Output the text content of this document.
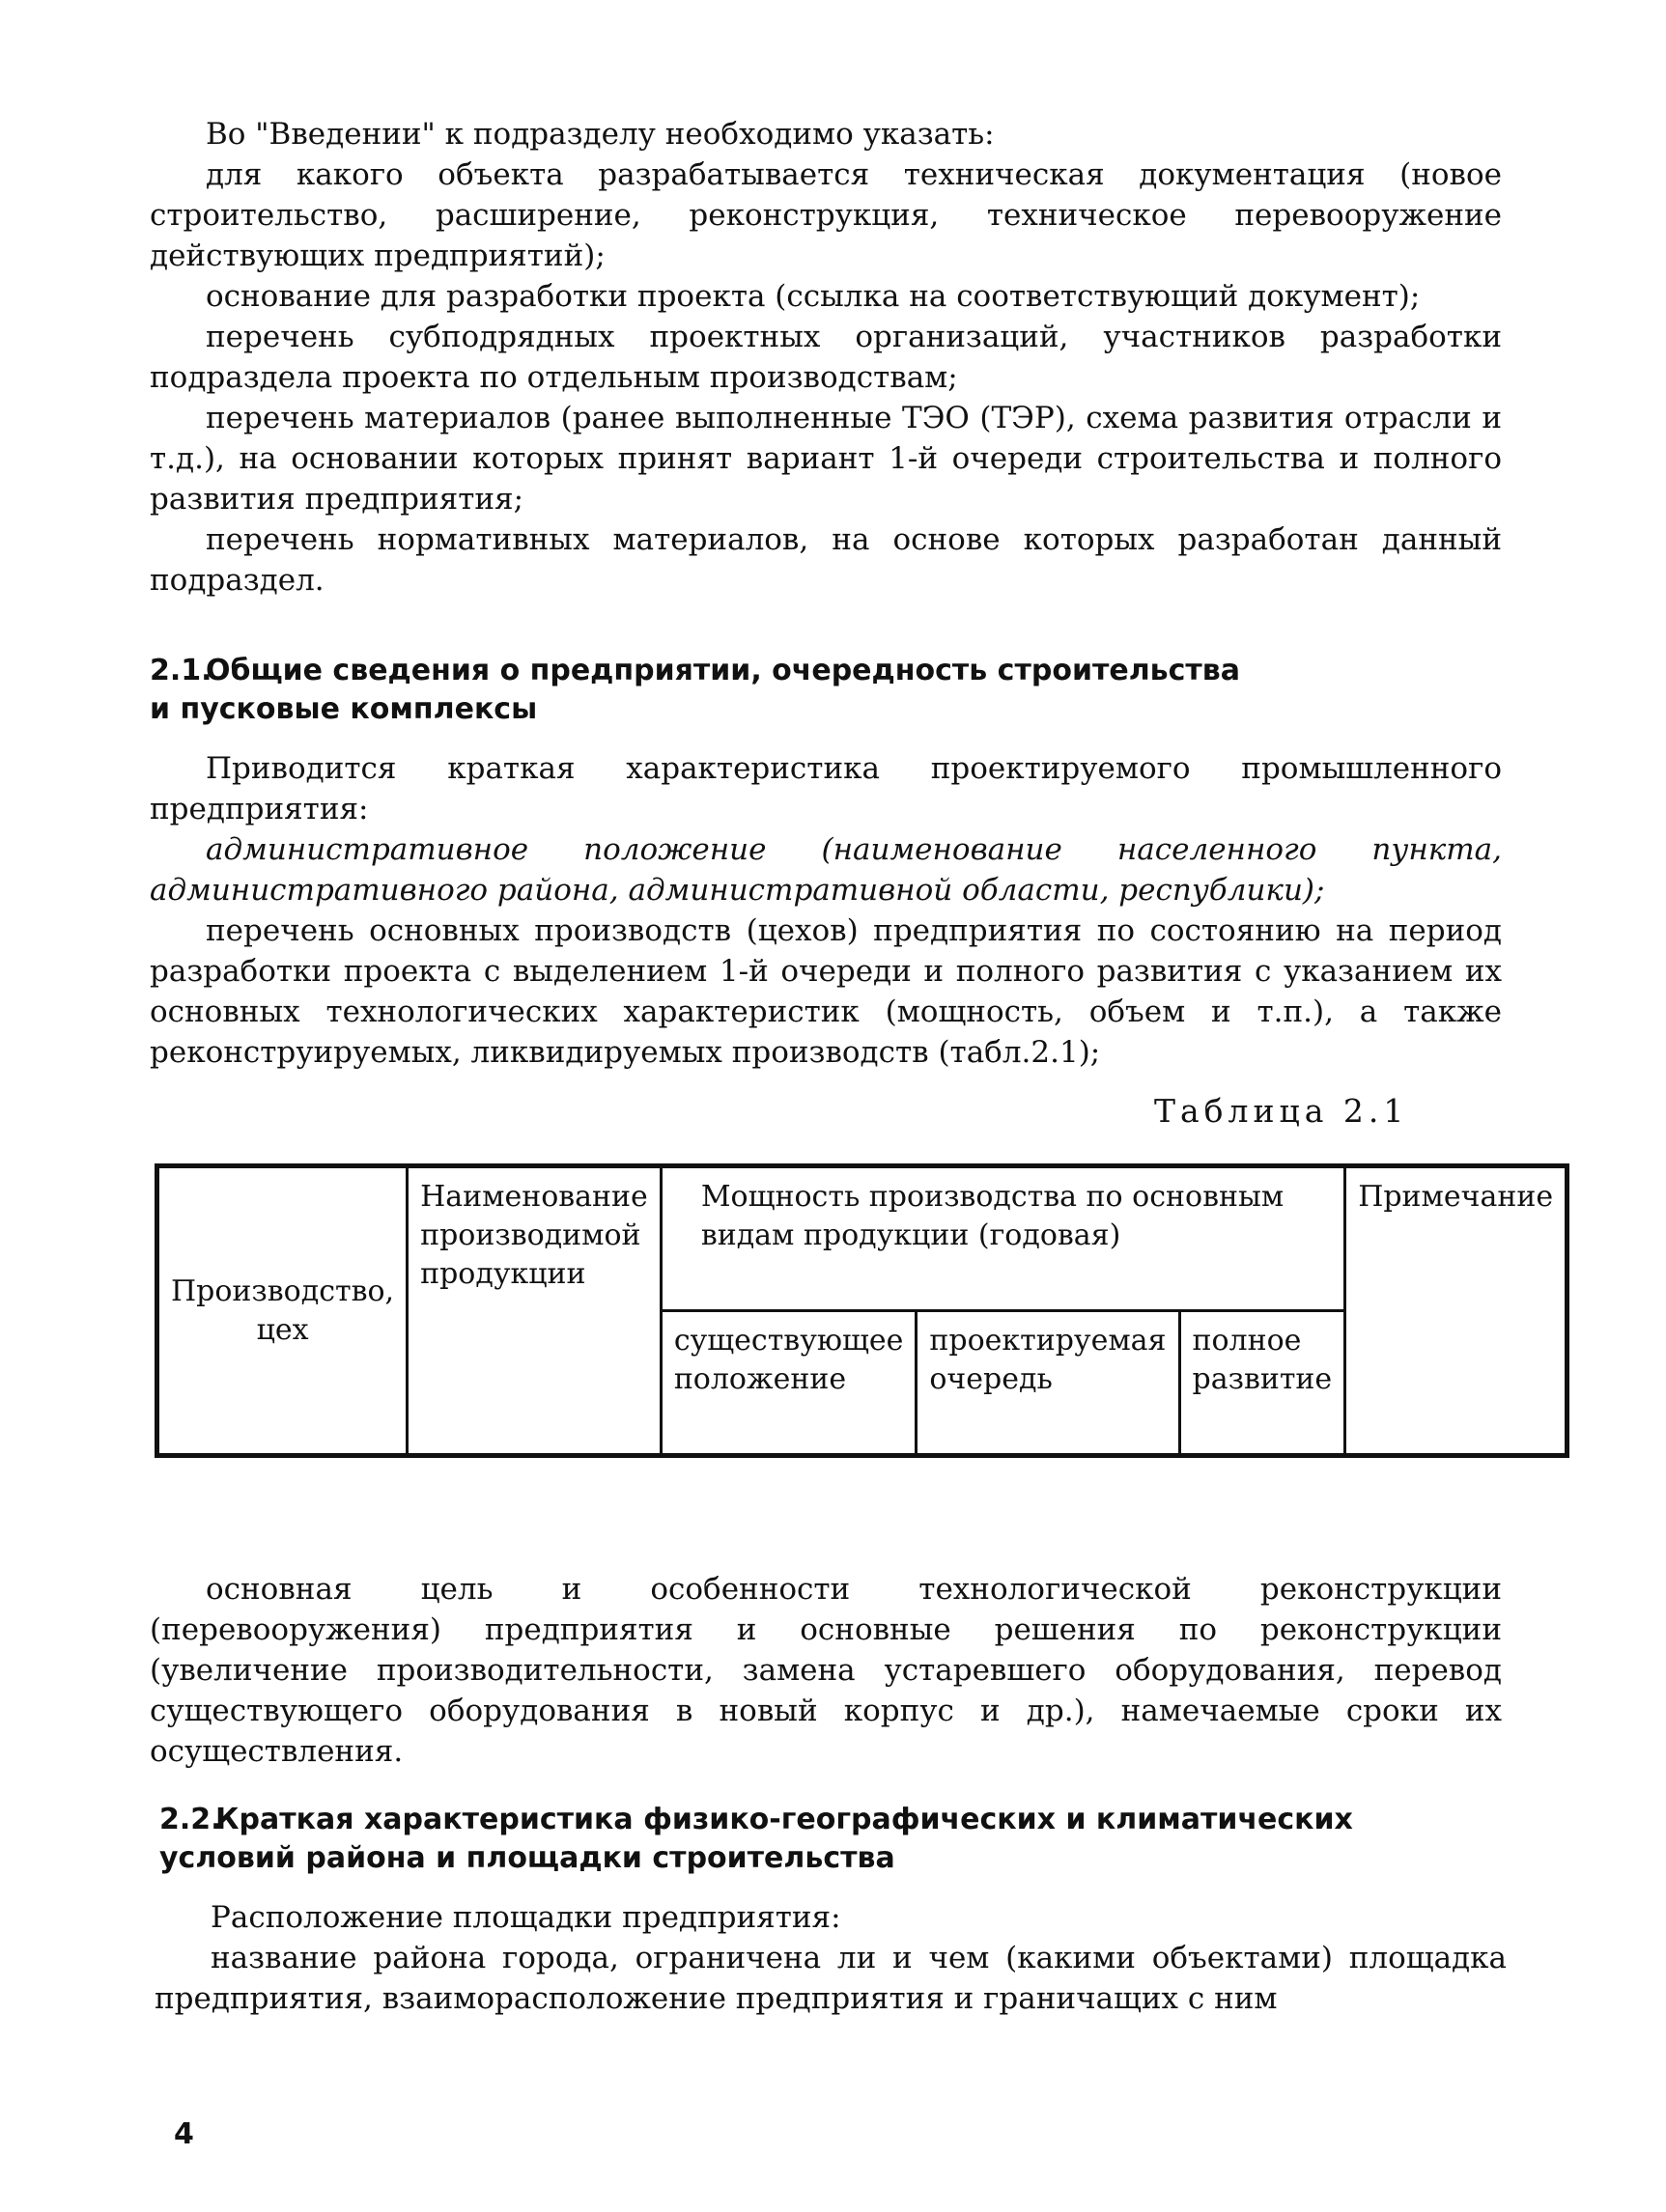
Во "Введении" к подразделу необходимо указать:

для какого объекта разрабатывается техническая документация (новое строительство, расширение, реконструкция, техническое перевооружение действующих предприятий);

основание для разработки проекта (ссылка на соответствующий документ);

перечень субподрядных проектных организаций, участников разработки подраздела проекта по отдельным производствам;

перечень материалов (ранее выполненные ТЭО (ТЭР), схема развития отрасли и т.д.), на основании которых принят вариант 1-й очереди строительства и полного развития предприятия;

перечень нормативных материалов, на основе которых разработан данный подраздел.

2.1.Общие сведения о предприятии, очередность строительства

и пусковые комплексы

Приводится краткая характеристика проектируемого промышленного предприятия:

административное положение (наименование населенного пункта, административного района, административной области, республики);

перечень основных производств (цехов) предприятия по состоянию на период разработки проекта с выделением 1-й очереди и полного развития с указанием их основных технологических характеристик (мощность, объем и т.п.), а также реконструируемых, ликвидируемых производств (табл.2.1);

Таблица 2.1
Производство, цех	Наименование производимой продукции	Мощность производства по основным видам продукции (годовая)			Примечание
		существующее положение	проектируемая очередь	полное развитие	

основная цель и особенности технологической реконструкции (перевооружения) предприятия и основные решения по реконструкции (увеличение производительности, замена устаревшего оборудования, перевод существующего оборудования в новый корпус и др.), намечаемые сроки их осуществления.

2.2.Краткая характеристика физико-географических и климатических

условий района и площадки строительства

Расположение площадки предприятия:

название района города, ограничена ли и чем (какими объектами) площадка предприятия, взаиморасположение предприятия и граничащих с ним

4
